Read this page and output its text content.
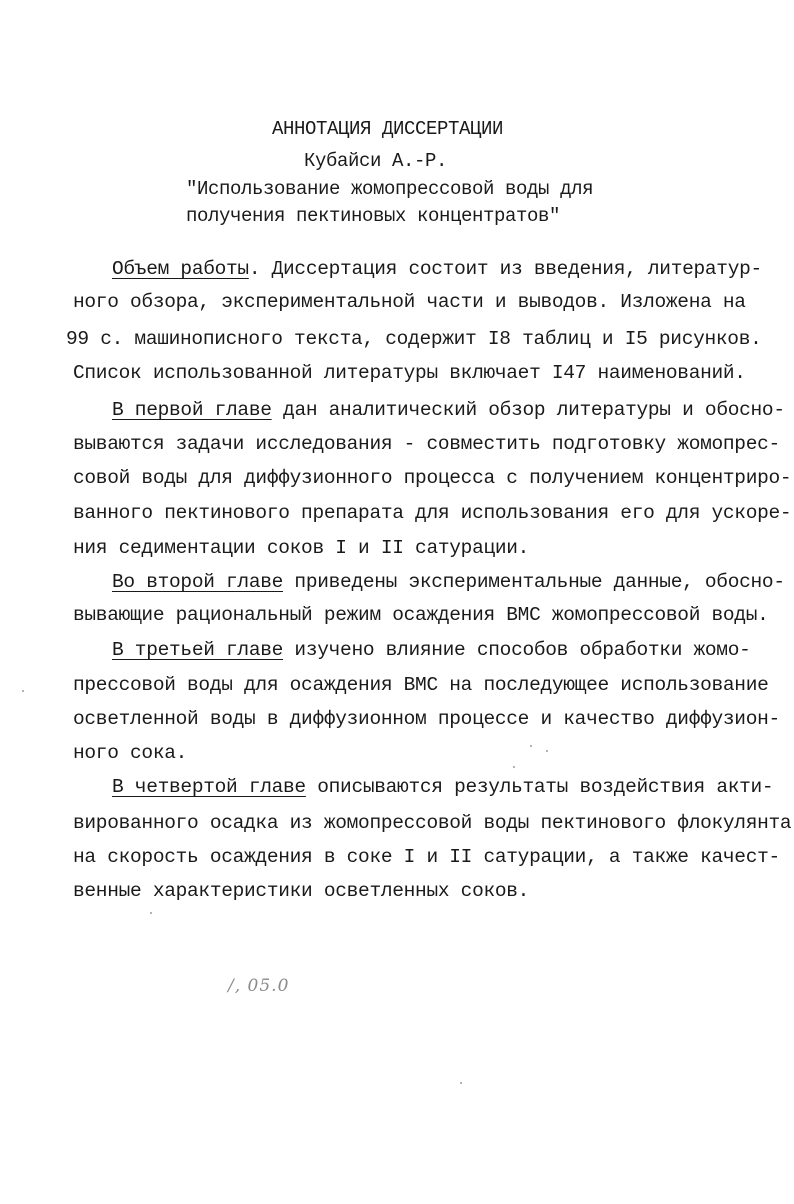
АННОТАЦИЯ ДИССЕРТАЦИИ
Кубайси А.-Р.
"Использование жомопрессовой воды для
получения пектиновых концентратов"
Объем работы. Диссертация состоит из введения, литератур-
ного обзора, экспериментальной части и выводов. Изложена на
99 с. машинописного текста, содержит I8 таблиц и I5 рисунков.
Список использованной литературы включает I47 наименований.
В первой главе дан аналитический обзор литературы и обосно-
вываются задачи исследования - совместить подготовку жомопрес-
совой воды для диффузионного процесса с получением концентриро-
ванного пектинового препарата для использования его для ускоре-
ния седиментации соков I и II сатурации.
Во второй главе приведены экспериментальные данные, обосно-
вывающие рациональный режим осаждения ВМС жомопрессовой воды.
В третьей главе изучено влияние способов обработки жомо-
прессовой воды для осаждения ВМС на последующее использование
осветленной воды в диффузионном процессе и качество диффузион-
ного сока.
В четвертой главе описываются результаты воздействия акти-
вированного осадка из жомопрессовой воды пектинового флокулянта
на скорость осаждения в соке I и II сатурации, а также качест-
венные характеристики осветленных соков.
/, 05.0
